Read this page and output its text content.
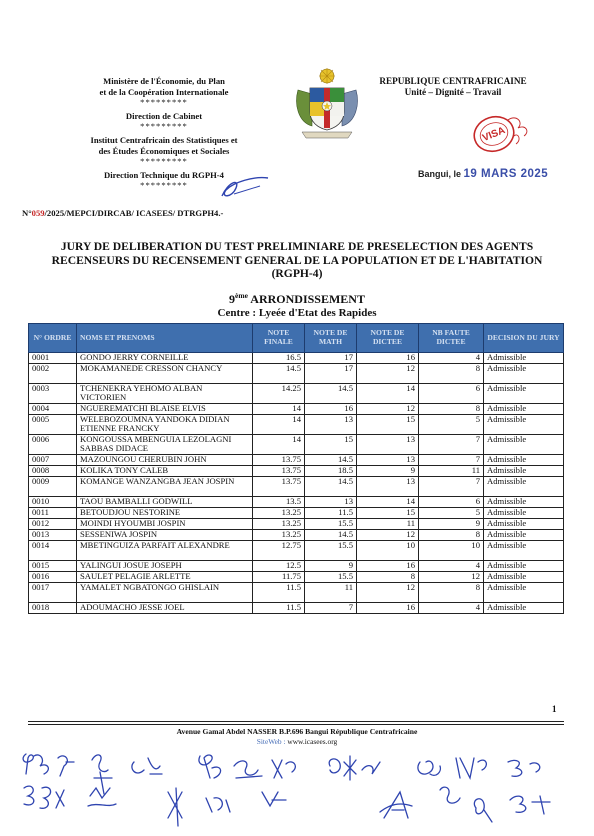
Ministère de l'Économie, du Plan
et de la Coopération Internationale
*********
Direction de Cabinet
*********
Institut Centrafricain des Statistiques et
des Études Économiques et Sociales
*********
Direction Technique du RGPH-4
*********
REPUBLIQUE CENTRAFRICAINE
Unité – Dignité – Travail
VISA
Bangui, le 19 MARS 2025
N°059/2025/MEPCI/DIRCAB/ ICASEES/ DTRGPH4.-
JURY DE DELIBERATION DU TEST PRELIMINIARE DE PRESELECTION DES AGENTS RECENSEURS DU RECENSEMENT GENERAL DE LA POPULATION ET DE L'HABITATION (RGPH-4)
9ème ARRONDISSEMENT
Centre : Lyeée d'Etat des Rapides
N° ORDRE	NOMS ET PRENOMS	NOTE FINALE	NOTE DE MATH	NOTE DE DICTEE	NB FAUTE DICTEE	DECISION DU JURY
0001	GONDO JERRY CORNEILLE	16.5	17	16	4	Admissible
0002	MOKAMANEDE CRESSON CHANCY	14.5	17	12	8	Admissible
0003	TCHENEKRA YEHOMO ALBAN VICTORIEN	14.25	14.5	14	6	Admissible
0004	NGUEREMATCHI BLAISE ELVIS	14	16	12	8	Admissible
0005	WELEBOZOUMNA YANDOKA DIDIAN ETIENNE FRANCKY	14	13	15	5	Admissible
0006	KONGOUSSA MBENGUIA LEZOLAGNI SABBAS DIDACE	14	15	13	7	Admissible
0007	MAZOUNGOU CHERUBIN JOHN	13.75	14.5	13	7	Admissible
0008	KOLIKA TONY CALEB	13.75	18.5	9	11	Admissible
0009	KOMANGE WANZANGBA JEAN JOSPIN	13.75	14.5	13	7	Admissible
0010	TAOU BAMBALLI GODWILL	13.5	13	14	6	Admissible
0011	BETOUDJOU NESTORINE	13.25	11.5	15	5	Admissible
0012	MOINDI HYOUMBI JOSPIN	13.25	15.5	11	9	Admissible
0013	SESSENIWA JOSPIN	13.25	14.5	12	8	Admissible
0014	MBETINGUIZA PARFAIT ALEXANDRE	12.75	15.5	10	10	Admissible
0015	YALINGUI JOSUE JOSEPH	12.5	9	16	4	Admissible
0016	SAULET PELAGIE ARLETTE	11.75	15.5	8	12	Admissible
0017	YAMALET NGBATONGO GHISLAIN	11.5	11	12	8	Admissible
0018	ADOUMACHO JESSE JOEL	11.5	7	16	4	Admissible
1
Avenue Gamal Abdel NASSER B.P.696 Bangui République Centrafricaine
SiteWeb : www.icasees.org
